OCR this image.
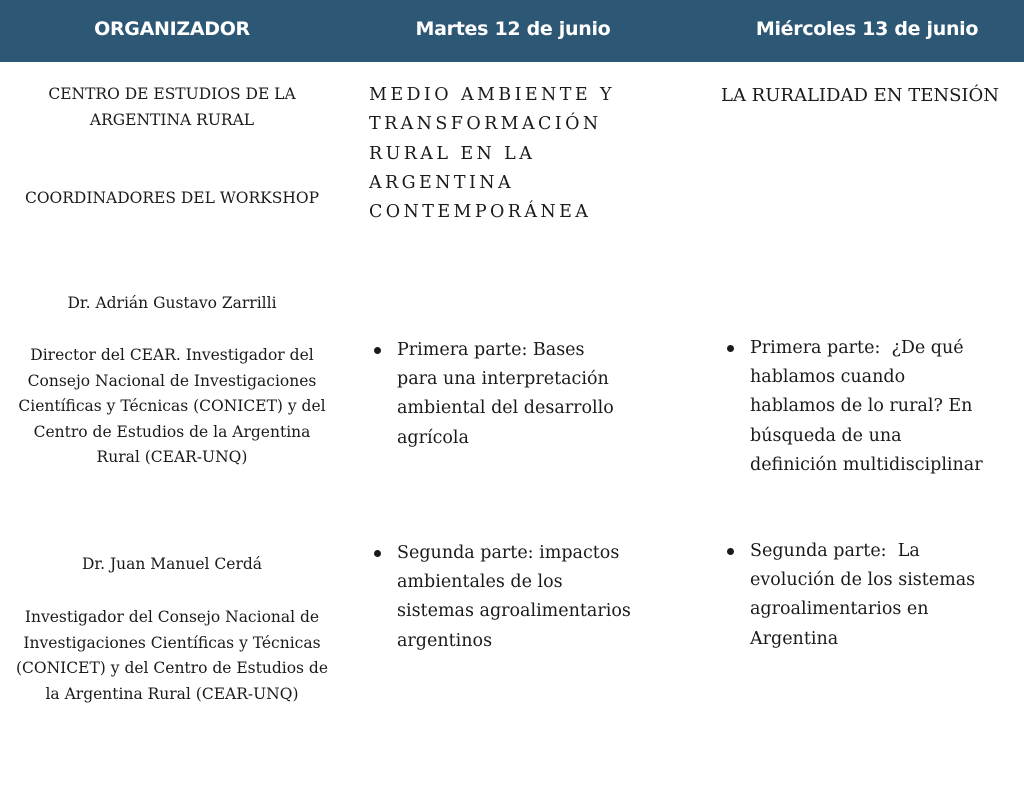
ORGANIZADOR	Martes 12 de junio	Miércoles 13 de junio
CENTRO DE ESTUDIOS DE LA ARGENTINA RURAL
COORDINADORES DEL WORKSHOP
Dr. Adrián Gustavo Zarrilli
Director del CEAR. Investigador del Consejo Nacional de Investigaciones Científicas y Técnicas (CONICET) y del Centro de Estudios de la Argentina Rural (CEAR-UNQ)
Dr. Juan Manuel Cerdá
Investigador del Consejo Nacional de Investigaciones Científicas y Técnicas (CONICET) y del Centro de Estudios de la Argentina Rural (CEAR-UNQ)
MEDIO AMBIENTE Y TRANSFORMACIÓN RURAL EN LA ARGENTINA CONTEMPORÁNEA
Primera parte: Bases para una interpretación ambiental del desarrollo agrícola
Segunda parte: impactos ambientales de los sistemas agroalimentarios argentinos
LA RURALIDAD EN TENSIÓN
Primera parte:  ¿De qué hablamos cuando hablamos de lo rural? En búsqueda de una definición multidisciplinar
Segunda parte:  La evolución de los sistemas agroalimentarios en Argentina
